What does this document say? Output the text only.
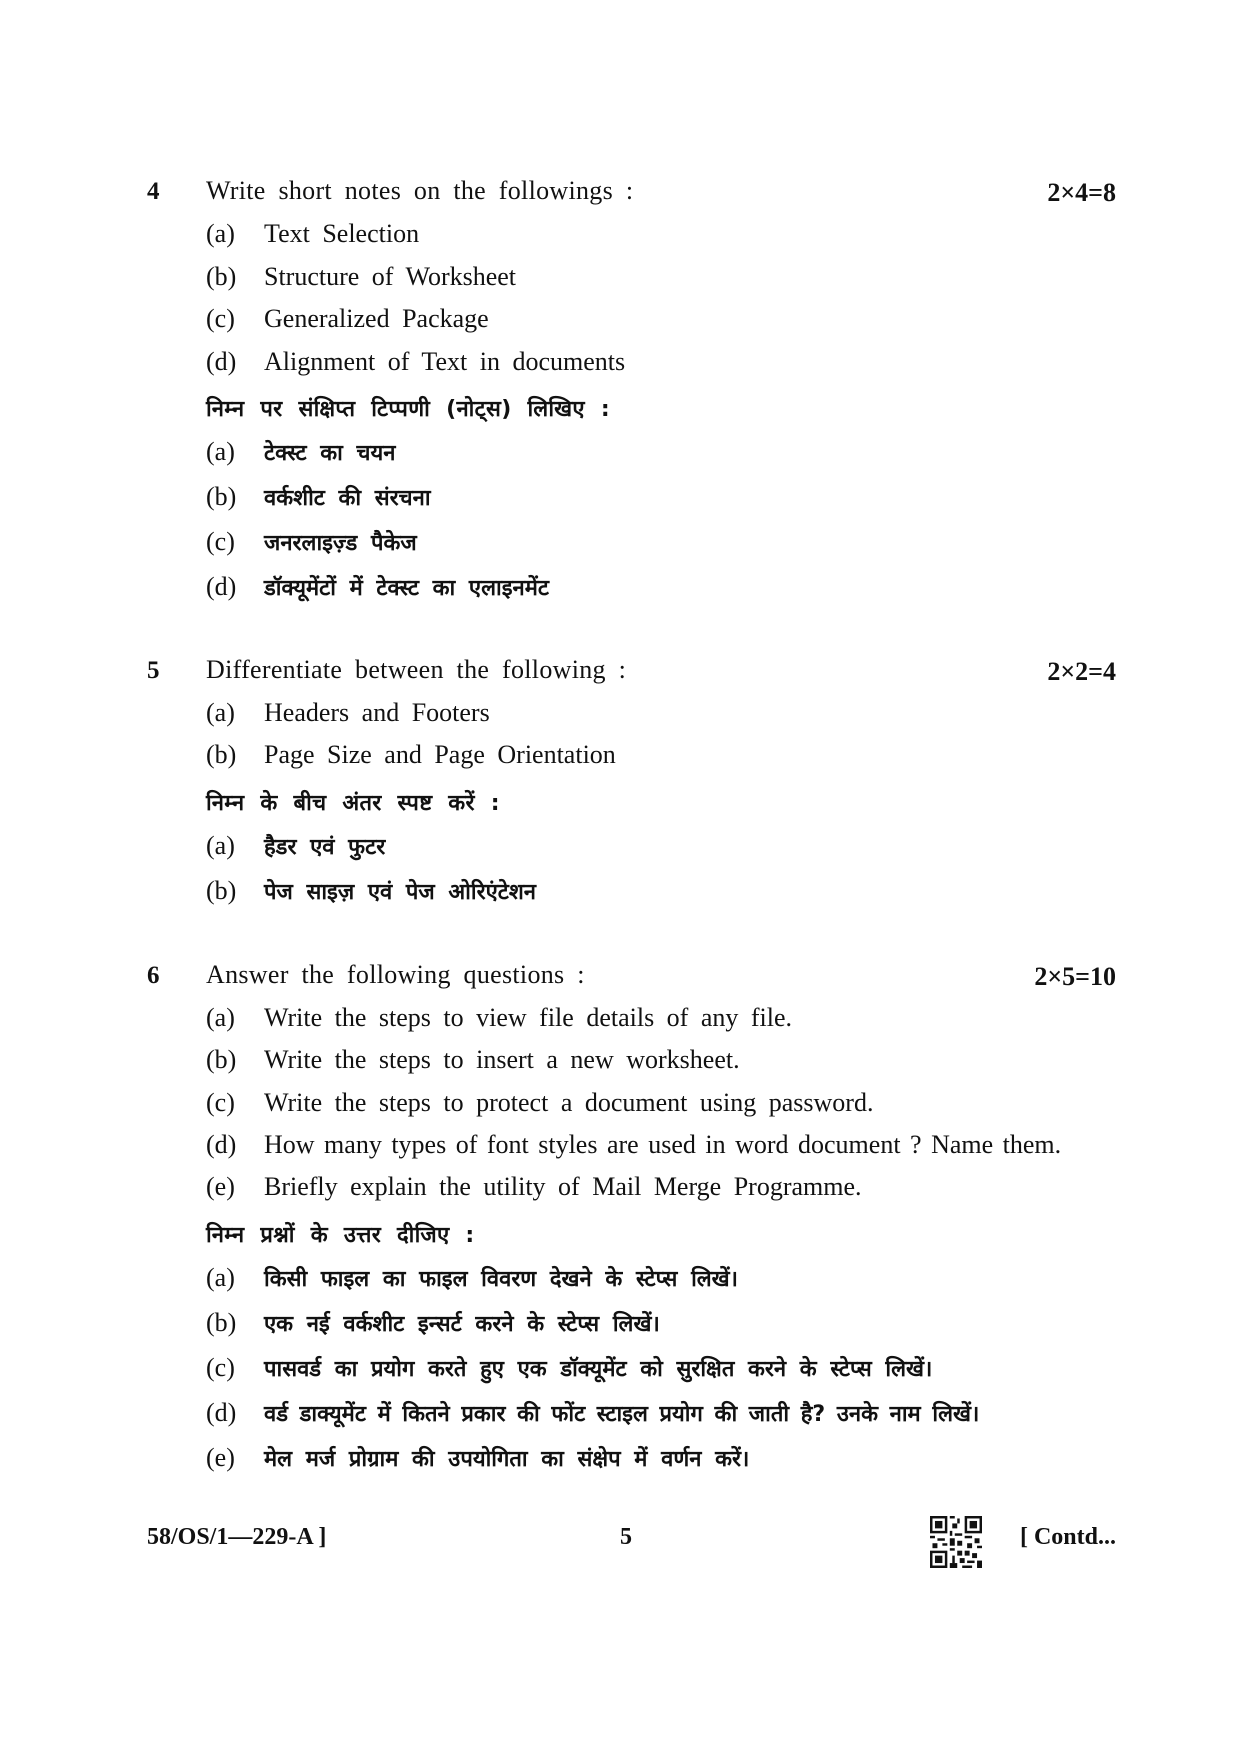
4 Write short notes on the followings :	2×4=8
(a) Text Selection
(b) Structure of Worksheet
(c) Generalized Package
(d) Alignment of Text in documents
निम्न पर संक्षिप्त टिप्पणी (नोट्स) लिखिए :
(a) टेक्स्ट का चयन
(b) वर्कशीट की संरचना
(c) जनरलाइज़्ड पैकेज
(d) डॉक्यूमेंटों में टेक्स्ट का एलाइनमेंट
5 Differentiate between the following :	2×2=4
(a) Headers and Footers
(b) Page Size and Page Orientation
निम्न के बीच अंतर स्पष्ट करें :
(a) हैडर एवं फुटर
(b) पेज साइज़ एवं पेज ओरिएंटेशन
6 Answer the following questions :	2×5=10
(a) Write the steps to view file details of any file.
(b) Write the steps to insert a new worksheet.
(c) Write the steps to protect a document using password.
(d) How many types of font styles are used in word document ? Name them.
(e) Briefly explain the utility of Mail Merge Programme.
निम्न प्रश्नों के उत्तर दीजिए :
(a) किसी फाइल का फाइल विवरण देखने के स्टेप्स लिखें।
(b) एक नई वर्कशीट इन्सर्ट करने के स्टेप्स लिखें।
(c) पासवर्ड का प्रयोग करते हुए एक डॉक्यूमेंट को सुरक्षित करने के स्टेप्स लिखें।
(d) वर्ड डाक्यूमेंट में कितने प्रकार की फोंट स्टाइल प्रयोग की जाती है? उनके नाम लिखें।
(e) मेल मर्ज प्रोग्राम की उपयोगिता का संक्षेप में वर्णन करें।
58/OS/1—229-A ]	5	[ Contd...
